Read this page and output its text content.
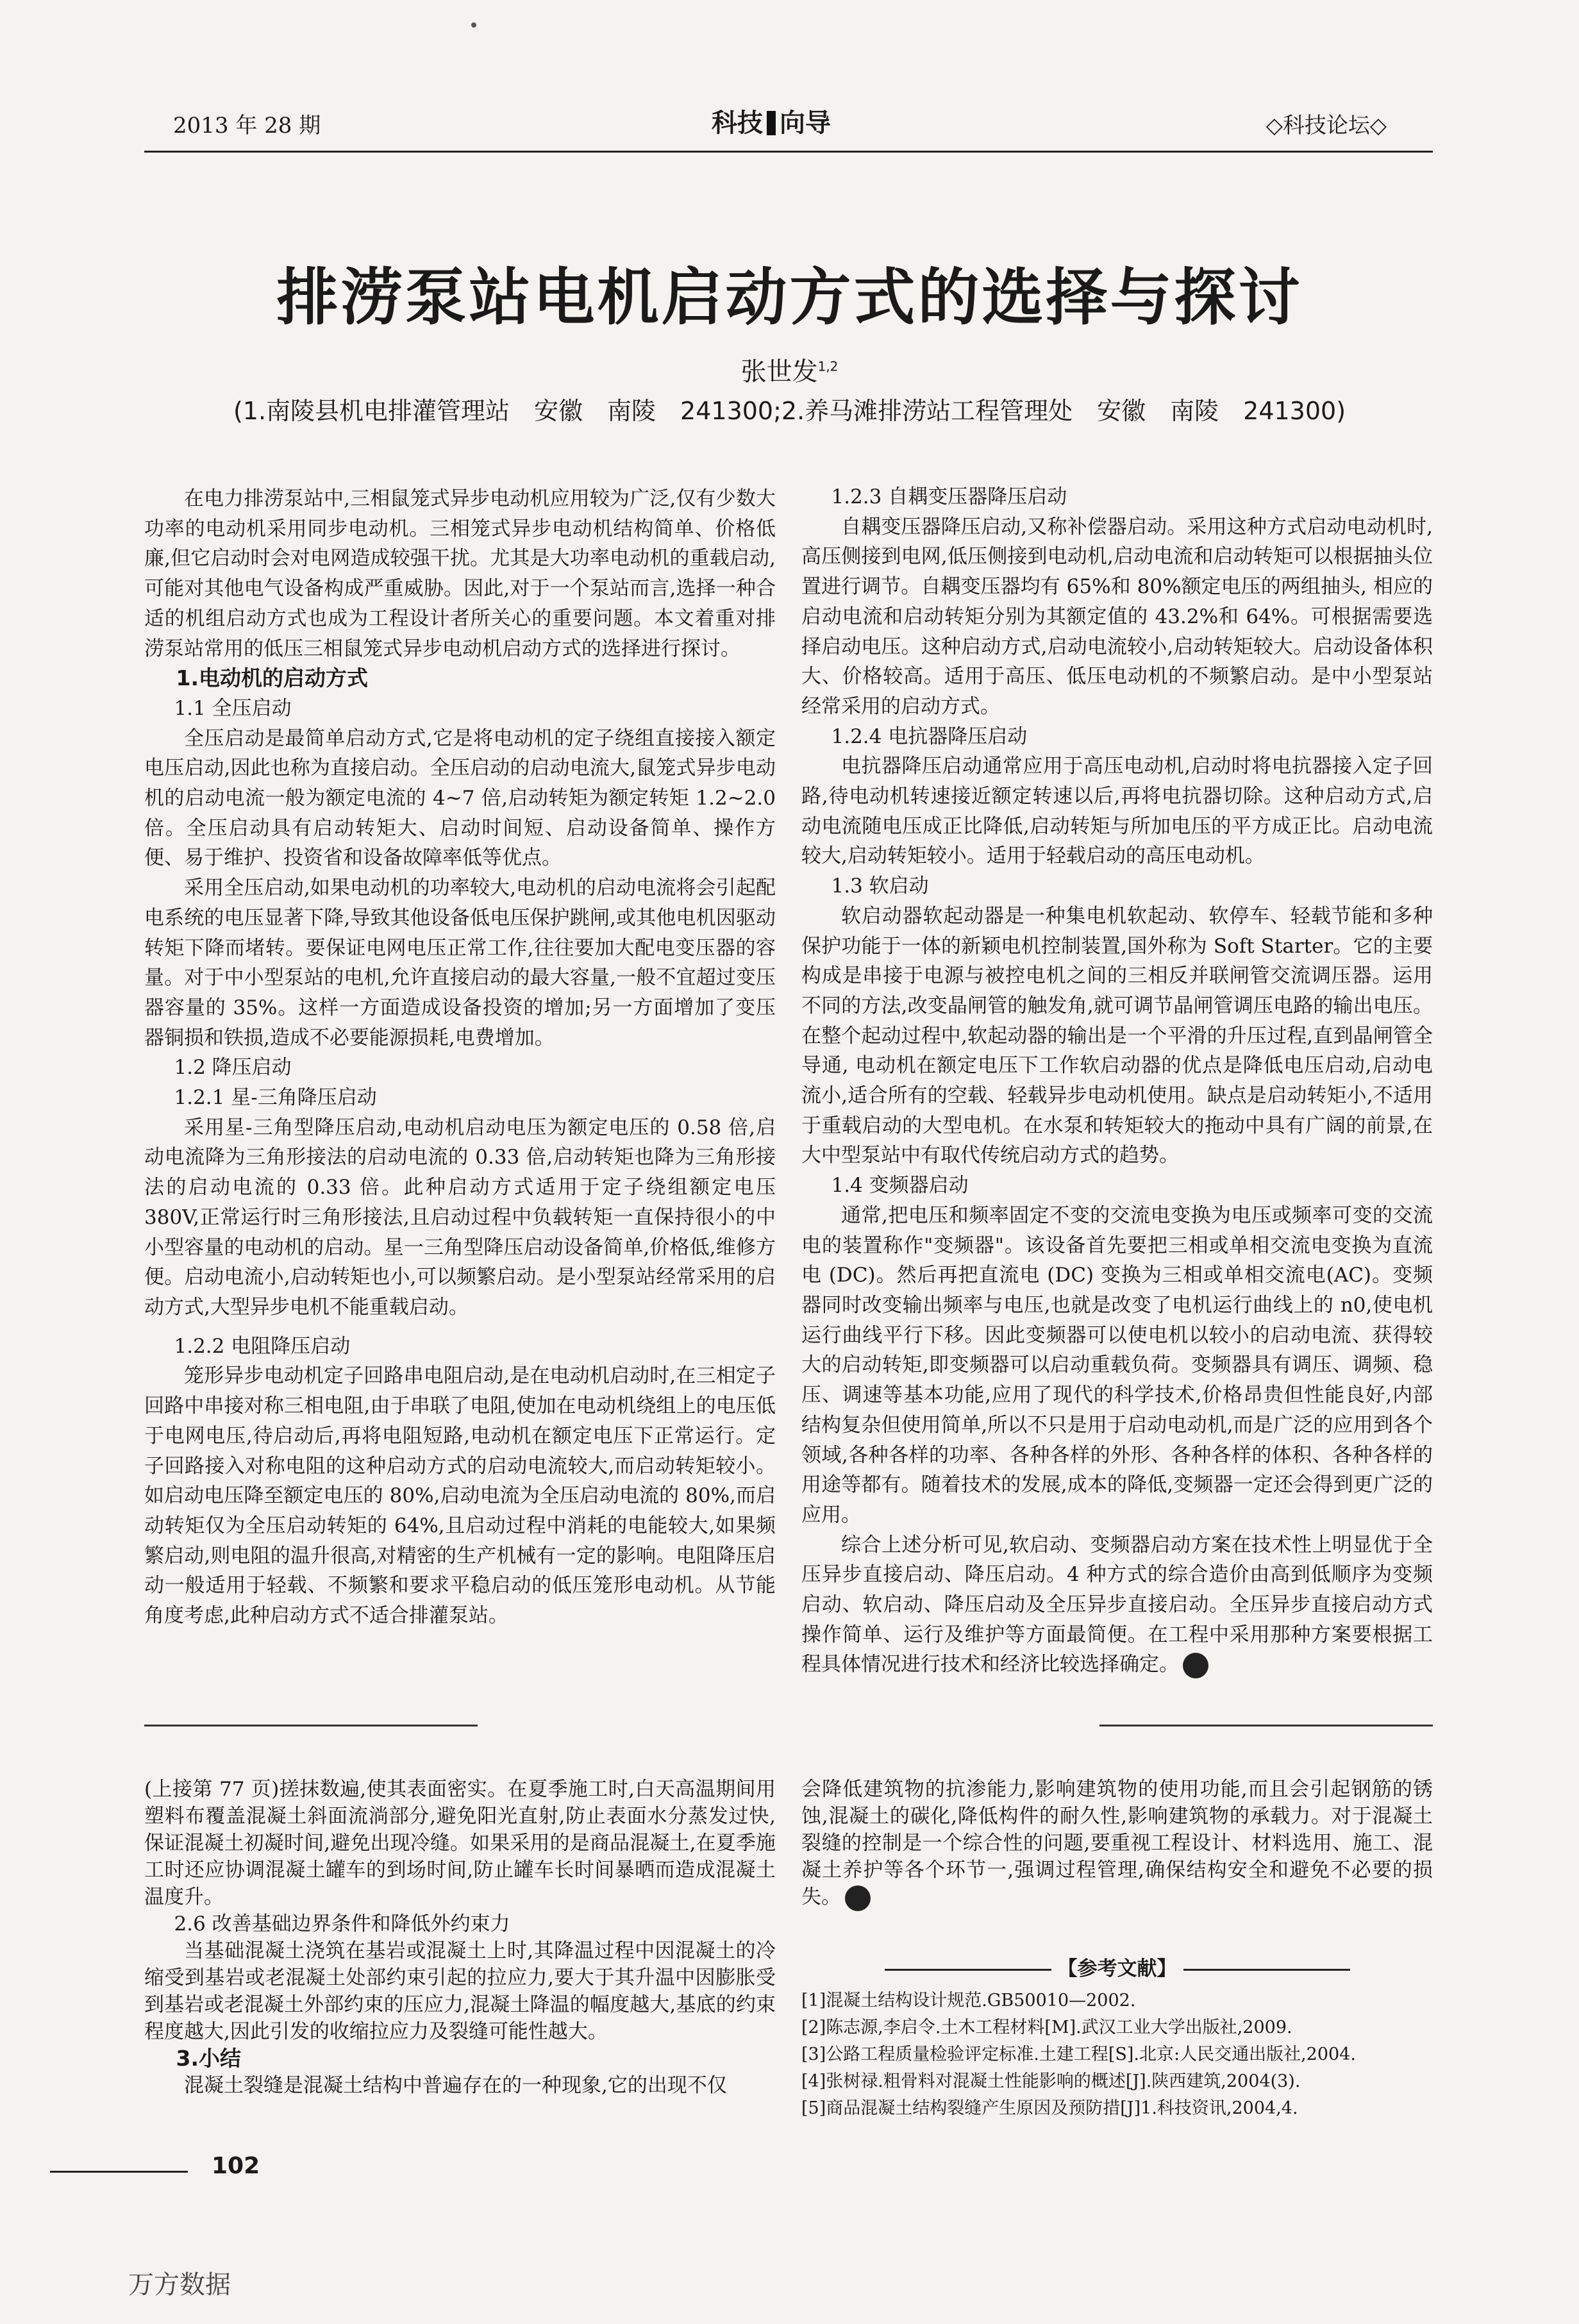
2013 年 28 期	科技 向导	◇科技论坛◇
排涝泵站电机启动方式的选择与探讨
张世发$^{1,2}$
(1.南陵县机电排灌管理站　安徽　南陵　241300;2.养马滩排涝站工程管理处　安徽　南陵　241300)

在电力排涝泵站中,三相鼠笼式异步电动机应用较为广泛,仅有少数大功率的电动机采用同步电动机。三相笼式异步电动机结构简单、价格低廉,但它启动时会对电网造成较强干扰。尤其是大功率电动机的重载启动,可能对其他电气设备构成严重威胁。因此,对于一个泵站而言,选择一种合适的机组启动方式也成为工程设计者所关心的重要问题。本文着重对排涝泵站常用的低压三相鼠笼式异步电动机启动方式的选择进行探讨。

1.电动机的启动方式
1.1 全压启动

全压启动是最简单启动方式,它是将电动机的定子绕组直接接入额定电压启动,因此也称为直接启动。全压启动的启动电流大,鼠笼式异步电动机的启动电流一般为额定电流的 4~7 倍,启动转矩为额定转矩 1.2~2.0 倍。全压启动具有启动转矩大、启动时间短、启动设备简单、操作方便、易于维护、投资省和设备故障率低等优点。

采用全压启动,如果电动机的功率较大,电动机的启动电流将会引起配电系统的电压显著下降,导致其他设备低电压保护跳闸,或其他电机因驱动转矩下降而堵转。要保证电网电压正常工作,往往要加大配电变压器的容量。对于中小型泵站的电机,允许直接启动的最大容量,一般不宜超过变压器容量的 35%。这样一方面造成设备投资的增加;另一方面增加了变压器铜损和铁损,造成不必要能源损耗,电费增加。

1.2 降压启动
1.2.1 星-三角降压启动

采用星-三角型降压启动,电动机启动电压为额定电压的 0.58 倍,启动电流降为三角形接法的启动电流的 0.33 倍,启动转矩也降为三角形接法的启动电流的 0.33 倍。此种启动方式适用于定子绕组额定电压 380V,正常运行时三角形接法,且启动过程中负载转矩一直保持很小的中小型容量的电动机的启动。星一三角型降压启动设备简单,价格低,维修方便。启动电流小,启动转矩也小,可以频繁启动。是小型泵站经常采用的启动方式,大型异步电机不能重载启动。

1.2.2 电阻降压启动

笼形异步电动机定子回路串电阻启动,是在电动机启动时,在三相定子回路中串接对称三相电阻,由于串联了电阻,使加在电动机绕组上的电压低于电网电压,待启动后,再将电阻短路,电动机在额定电压下正常运行。定子回路接入对称电阻的这种启动方式的启动电流较大,而启动转矩较小。如启动电压降至额定电压的 80%,启动电流为全压启动电流的 80%,而启动转矩仅为全压启动转矩的 64%,且启动过程中消耗的电能较大,如果频繁启动,则电阻的温升很高,对精密的生产机械有一定的影响。电阻降压启动一般适用于轻载、不频繁和要求平稳启动的低压笼形电动机。从节能角度考虑,此种启动方式不适合排灌泵站。

1.2.3 自耦变压器降压启动

自耦变压器降压启动,又称补偿器启动。采用这种方式启动电动机时,高压侧接到电网,低压侧接到电动机,启动电流和启动转矩可以根据抽头位置进行调节。自耦变压器均有 65%和 80%额定电压的两组抽头, 相应的启动电流和启动转矩分别为其额定值的 43.2%和 64%。可根据需要选择启动电压。这种启动方式,启动电流较小,启动转矩较大。启动设备体积大、价格较高。适用于高压、低压电动机的不频繁启动。是中小型泵站经常采用的启动方式。

1.2.4 电抗器降压启动

电抗器降压启动通常应用于高压电动机,启动时将电抗器接入定子回路,待电动机转速接近额定转速以后,再将电抗器切除。这种启动方式,启动电流随电压成正比降低,启动转矩与所加电压的平方成正比。启动电流较大,启动转矩较小。适用于轻载启动的高压电动机。

1.3 软启动

软启动器软起动器是一种集电机软起动、软停车、轻载节能和多种保护功能于一体的新颖电机控制装置,国外称为 Soft Starter。它的主要构成是串接于电源与被控电机之间的三相反并联闸管交流调压器。运用不同的方法,改变晶闸管的触发角,就可调节晶闸管调压电路的输出电压。在整个起动过程中,软起动器的输出是一个平滑的升压过程,直到晶闸管全导通, 电动机在额定电压下工作软启动器的优点是降低电压启动,启动电流小,适合所有的空载、轻载异步电动机使用。缺点是启动转矩小,不适用于重载启动的大型电机。在水泵和转矩较大的拖动中具有广阔的前景,在大中型泵站中有取代传统启动方式的趋势。

1.4 变频器启动

通常,把电压和频率固定不变的交流电变换为电压或频率可变的交流电的装置称作"变频器"。该设备首先要把三相或单相交流电变换为直流电 (DC)。然后再把直流电 (DC) 变换为三相或单相交流电(AC)。变频器同时改变输出频率与电压,也就是改变了电机运行曲线上的 n0,使电机运行曲线平行下移。因此变频器可以使电机以较小的启动电流、获得较大的启动转矩,即变频器可以启动重载负荷。变频器具有调压、调频、稳压、调速等基本功能,应用了现代的科学技术,价格昂贵但性能良好,内部结构复杂但使用简单,所以不只是用于启动电动机,而是广泛的应用到各个领域,各种各样的功率、各种各样的外形、各种各样的体积、各种各样的用途等都有。随着技术的发展,成本的降低,变频器一定还会得到更广泛的应用。

综合上述分析可见,软启动、变频器启动方案在技术性上明显优于全压异步直接启动、降压启动。4 种方式的综合造价由高到低顺序为变频启动、软启动、降压启动及全压异步直接启动。全压异步直接启动方式操作简单、运行及维护等方面最简便。在工程中采用那种方案要根据工程具体情况进行技术和经济比较选择确定。

(上接第 77 页)搓抹数遍,使其表面密实。在夏季施工时,白天高温期间用塑料布覆盖混凝土斜面流淌部分,避免阳光直射,防止表面水分蒸发过快,保证混凝土初凝时间,避免出现冷缝。如果采用的是商品混凝土,在夏季施工时还应协调混凝土罐车的到场时间,防止罐车长时间暴晒而造成混凝土温度升。

2.6 改善基础边界条件和降低外约束力

当基础混凝土浇筑在基岩或混凝土上时,其降温过程中因混凝土的冷缩受到基岩或老混凝土处部约束引起的拉应力,要大于其升温中因膨胀受到基岩或老混凝土外部约束的压应力,混凝土降温的幅度越大,基底的约束程度越大,因此引发的收缩拉应力及裂缝可能性越大。

3.小结

混凝土裂缝是混凝土结构中普遍存在的一种现象,它的出现不仅

会降低建筑物的抗渗能力,影响建筑物的使用功能,而且会引起钢筋的锈蚀,混凝土的碳化,降低构件的耐久性,影响建筑物的承载力。对于混凝土裂缝的控制是一个综合性的问题,要重视工程设计、材料选用、施工、混凝土养护等各个环节一,强调过程管理,确保结构安全和避免不必要的损失。

【参考文献】
[1]混凝土结构设计规范.GB50010—2002.
[2]陈志源,李启令.土木工程材料[M].武汉工业大学出版社,2009.
[3]公路工程质量检验评定标准.土建工程[S].北京:人民交通出版社,2004.
[4]张树禄.粗骨料对混凝土性能影响的概述[J].陕西建筑,2004(3).
[5]商品混凝土结构裂缝产生原因及预防措[J]1.科技资讯,2004,4.
102
万方数据
